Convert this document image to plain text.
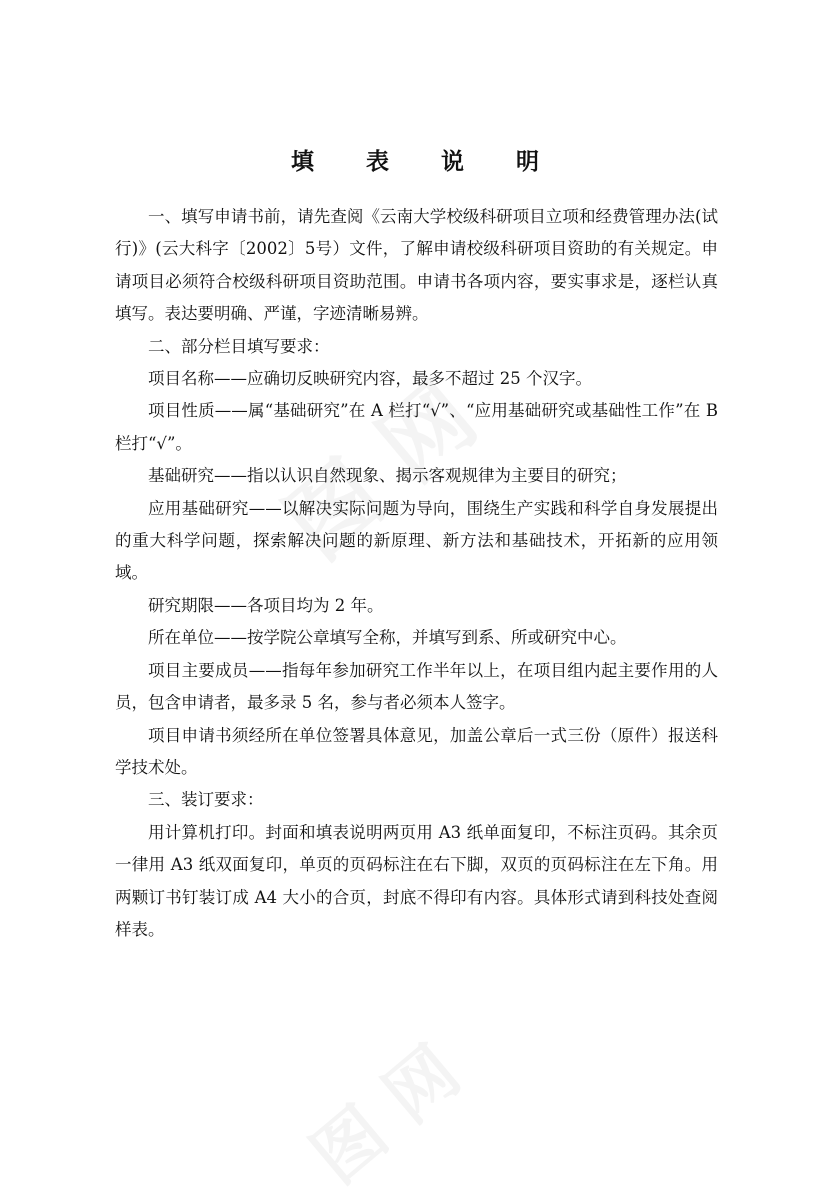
填 表 说 明

一、填写申请书前，请先查阅《云南大学校级科研项目立项和经费管理办法(试行)》(云大科字〔2002〕5号）文件，了解申请校级科研项目资助的有关规定。申请项目必须符合校级科研项目资助范围。申请书各项内容，要实事求是，逐栏认真填写。表达要明确、严谨，字迹清晰易辨。

二、部分栏目填写要求：

项目名称——应确切反映研究内容，最多不超过 25 个汉字。

项目性质——属“基础研究”在 A 栏打“√”、“应用基础研究或基础性工作”在 B 栏打“√”。

基础研究——指以认识自然现象、揭示客观规律为主要目的研究；

应用基础研究——以解决实际问题为导向，围绕生产实践和科学自身发展提出的重大科学问题，探索解决问题的新原理、新方法和基础技术，开拓新的应用领域。

研究期限——各项目均为 2 年。

所在单位——按学院公章填写全称，并填写到系、所或研究中心。

项目主要成员——指每年参加研究工作半年以上，在项目组内起主要作用的人员，包含申请者，最多录 5 名，参与者必须本人签字。

项目申请书须经所在单位签署具体意见，加盖公章后一式三份（原件）报送科学技术处。

三、装订要求：

用计算机打印。封面和填表说明两页用 A3 纸单面复印，不标注页码。其余页一律用 A3 纸双面复印，单页的页码标注在右下脚，双页的页码标注在左下角。用两颗订书钉装订成 A4 大小的合页，封底不得印有内容。具体形式请到科技处查阅样表。
